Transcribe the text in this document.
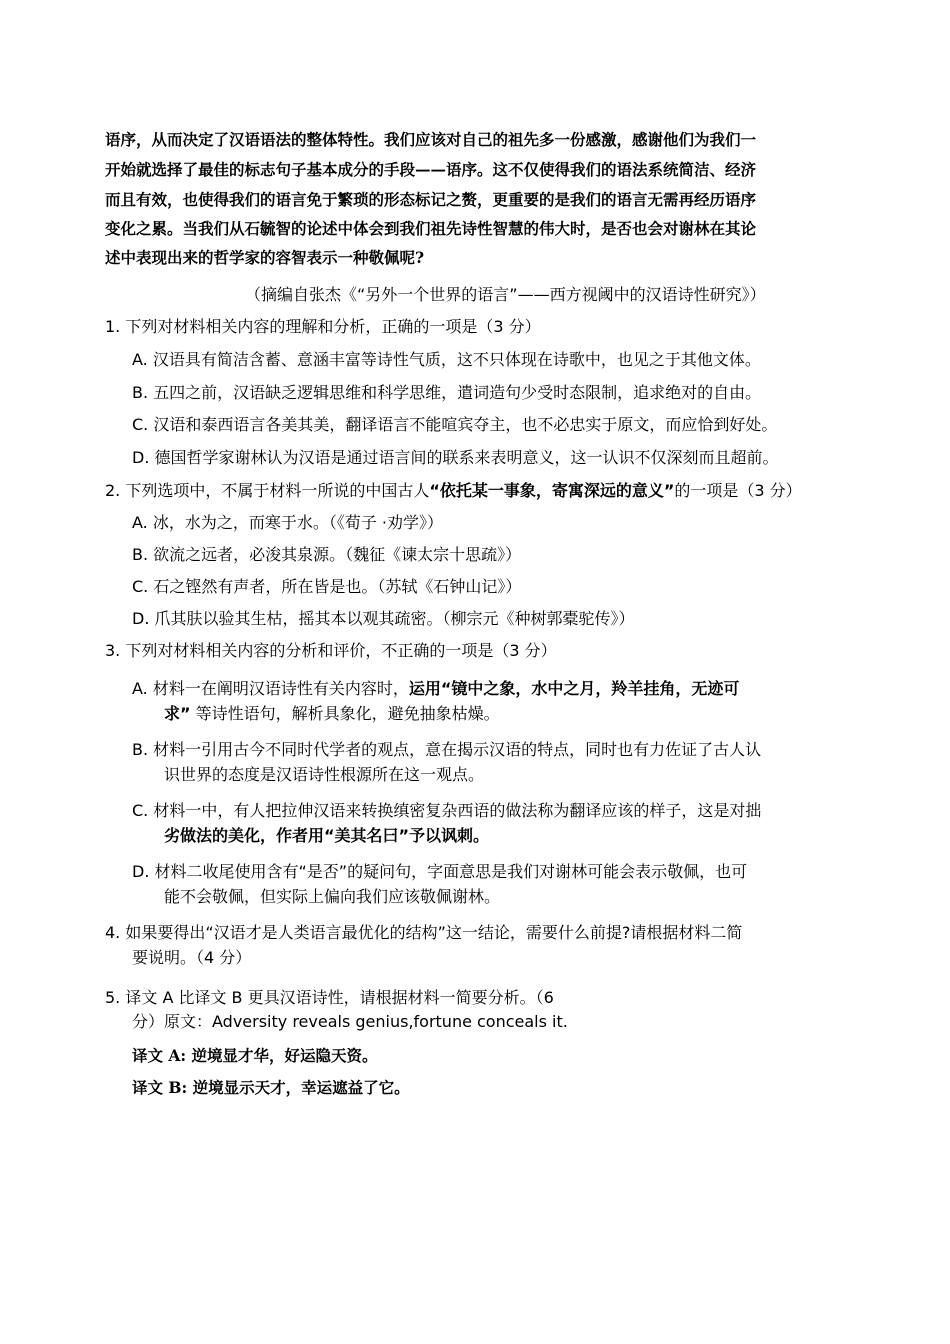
语序，从而决定了汉语语法的整体特性。我们应该对自己的祖先多一份感激，感谢他们为我们一
开始就选择了最佳的标志句子基本成分的手段——语序。这不仅使得我们的语法系统简洁、经济
而且有效，也使得我们的语言免于繁琐的形态标记之赘，更重要的是我们的语言无需再经历语序
变化之累。当我们从石毓智的论述中体会到我们祖先诗性智慧的伟大时，是否也会对谢林在其论
述中表现出来的哲学家的容智表示一种敬佩呢?
（摘编自张杰《“另外一个世界的语言”——西方视阈中的汉语诗性研究》）
1. 下列对材料相关内容的理解和分析，正确的一项是（3 分）
A. 汉语具有简洁含蓄、意涵丰富等诗性气质，这不只体现在诗歌中，也见之于其他文体。
B. 五四之前，汉语缺乏逻辑思维和科学思维，遣词造句少受时态限制，追求绝对的自由。
C. 汉语和泰西语言各美其美，翻译语言不能喧宾夺主，也不必忠实于原文，而应恰到好处。
D. 德国哲学家谢林认为汉语是通过语言间的联系来表明意义，这一认识不仅深刻而且超前。
2. 下列选项中，不属于材料一所说的中国古人“依托某一事象，寄寓深远的意义”的一项是（3 分）
A. 冰，水为之，而寒于水。（《荀子 ·劝学》）
B. 欲流之远者，必浚其泉源。（魏征《谏太宗十思疏》）
C. 石之铿然有声者，所在皆是也。（苏轼《石钟山记》）
D. 爪其肤以验其生枯，摇其本以观其疏密。（柳宗元《种树郭橐驼传》）
3. 下列对材料相关内容的分析和评价，不正确的一项是（3 分）
A. 材料一在阐明汉语诗性有关内容时，运用“镜中之象，水中之月，羚羊挂角，无迹可
求” 等诗性语句，解析具象化，避免抽象枯燥。
B. 材料一引用古今不同时代学者的观点，意在揭示汉语的特点，同时也有力佐证了古人认
识世界的态度是汉语诗性根源所在这一观点。
C. 材料一中，有人把拉伸汉语来转换缜密复杂西语的做法称为翻译应该的样子，这是对拙
劣做法的美化，作者用“美其名曰”予以讽刺。
D. 材料二收尾使用含有“是否”的疑问句，字面意思是我们对谢林可能会表示敬佩，也可
能不会敬佩，但实际上偏向我们应该敬佩谢林。
4. 如果要得出“汉语才是人类语言最优化的结构”这一结论，需要什么前提?请根据材料二简
要说明。（4 分）
5. 译文 A 比译文 B 更具汉语诗性，请根据材料一简要分析。（6
分）原文：Adversity reveals genius,fortune conceals it.
译文 A: 逆境显才华，好运隐天资。
译文 B: 逆境显示天才，幸运遮益了它。
